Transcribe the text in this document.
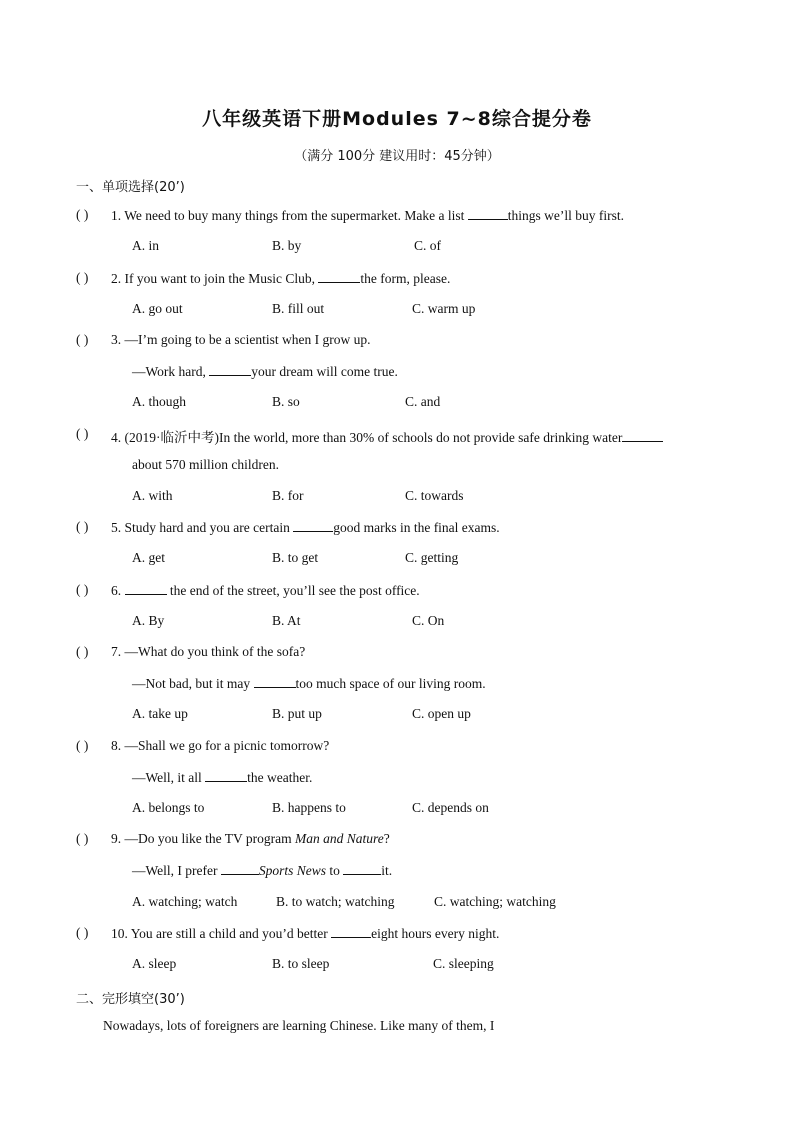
八年级英语下册Modules 7~8综合提分卷
（满分 100分 建议用时：45分钟）
一、单项选择(20’)
( ) 1. We need to buy many things from the supermarket. Make a list	things we’ll buy first.
A. in	B. by	C. of
( ) 2. If you want to join the Music Club,	the form, please.
A. go out	B. fill out	C. warm up
( ) 3. —I’m going to be a scientist when I grow up.
—Work hard,	your dream will come true.
A. though	B. so	C. and
( ) 4. (2019·临沂中考)In the world, more than 30% of schools do not provide safe drinking water
about 570 million children.
A. with	B. for	C. towards
( ) 5. Study hard and you are certain	good marks in the final exams.
A. get	B. to get	C. getting
( ) 6.	the end of the street, you’ll see the post office.
A. By	B. At	C. On
( ) 7. —What do you think of the sofa?
—Not bad, but it may	too much space of our living room.
A. take up	B. put up	C. open up
( ) 8. —Shall we go for a picnic tomorrow?
—Well, it all	the weather.
A. belongs to	B. happens to	C. depends on
( ) 9. —Do you like the TV program Man and Nature?
—Well, I prefer	Sports News to	it.
A. watching; watch	B. to watch; watching	C. watching; watching
( ) 10. You are still a child and you’d better	eight hours every night.
A. sleep	B. to sleep	C. sleeping
二、完形填空(30’)
Nowadays, lots of foreigners are learning Chinese. Like many of them, I
